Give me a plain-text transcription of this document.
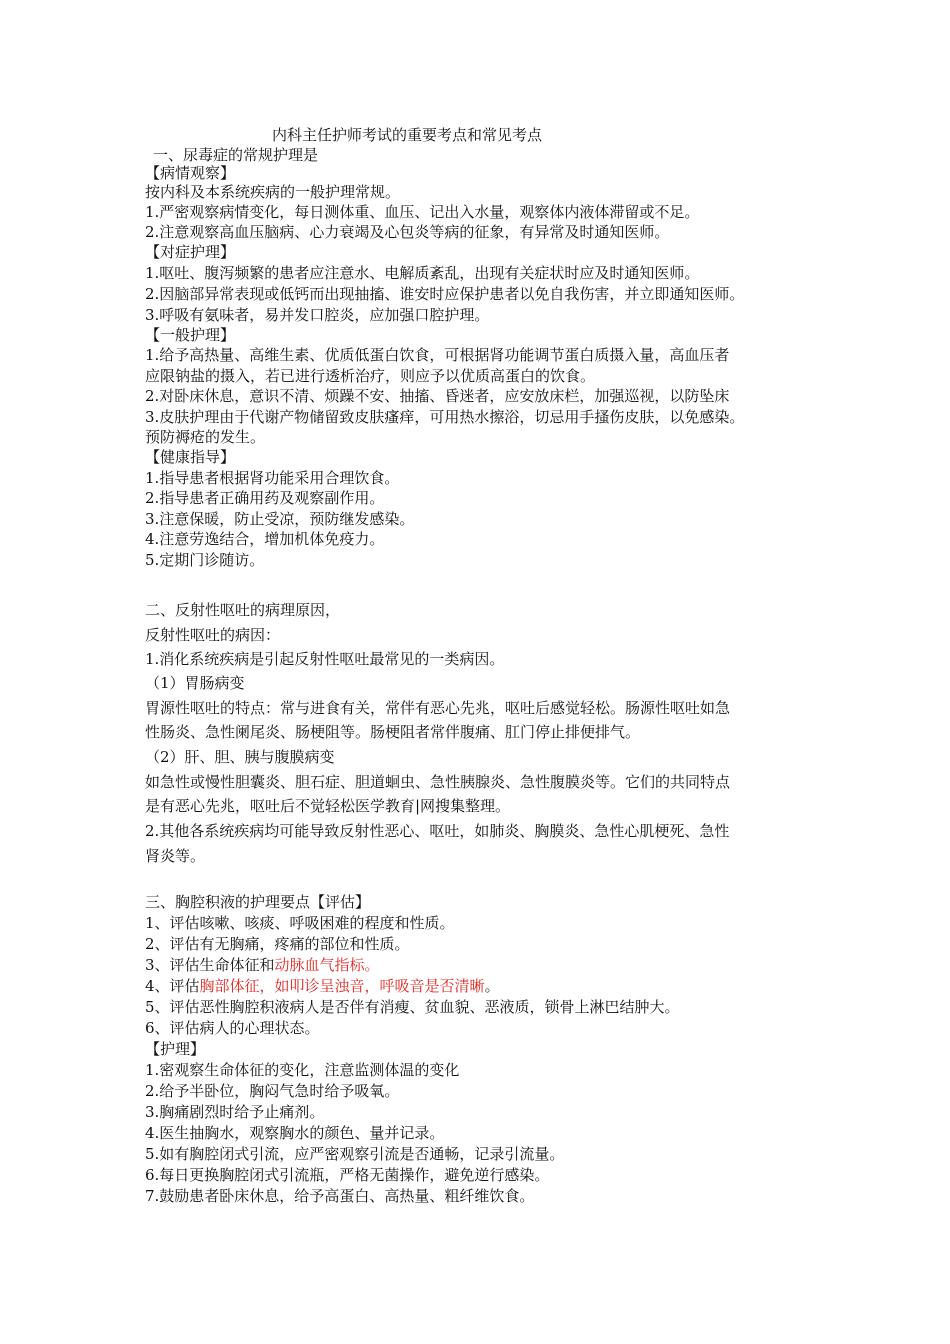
内科主任护师考试的重要考点和常见考点

一、尿毒症的常规护理是

【病情观察】

按内科及本系统疾病的一般护理常规。

1.严密观察病情变化，每日测体重、血压、记出入水量，观察体内液体滞留或不足。

2.注意观察高血压脑病、心力衰竭及心包炎等病的征象，有异常及时通知医师。

【对症护理】

1.呕吐、腹泻频繁的患者应注意水、电解质紊乱，出现有关症状时应及时通知医师。

2.因脑部异常表现或低钙而出现抽搐、谁安时应保护患者以免自我伤害，并立即通知医师。

3.呼吸有氨味者，易并发口腔炎，应加强口腔护理。

【一般护理】

1.给予高热量、高维生素、优质低蛋白饮食，可根据肾功能调节蛋白质摄入量，高血压者

应限钠盐的摄入，若已进行透析治疗，则应予以优质高蛋白的饮食。

2.对卧床休息，意识不清、烦躁不安、抽搐、昏迷者，应安放床栏，加强巡视，以防坠床

3.皮肤护理由于代谢产物储留致皮肤瘙痒，可用热水擦浴，切忌用手搔伤皮肤，以免感染。

预防褥疮的发生。

【健康指导】

1.指导患者根据肾功能采用合理饮食。

2.指导患者正确用药及观察副作用。

3.注意保暖，防止受凉，预防继发感染。

4.注意劳逸结合，增加机体免疫力。

5.定期门诊随访。

二、反射性呕吐的病理原因，

反射性呕吐的病因：

1.消化系统疾病是引起反射性呕吐最常见的一类病因。

（1）胃肠病变

胃源性呕吐的特点：常与进食有关，常伴有恶心先兆，呕吐后感觉轻松。肠源性呕吐如急

性肠炎、急性阑尾炎、肠梗阻等。肠梗阻者常伴腹痛、肛门停止排便排气。

（2）肝、胆、胰与腹膜病变

如急性或慢性胆囊炎、胆石症、胆道蛔虫、急性胰腺炎、急性腹膜炎等。它们的共同特点

是有恶心先兆，呕吐后不觉轻松医学教育|网搜集整理。

2.其他各系统疾病均可能导致反射性恶心、呕吐，如肺炎、胸膜炎、急性心肌梗死、急性

肾炎等。

三、胸腔积液的护理要点【评估】

1、评估咳嗽、咳痰、呼吸困难的程度和性质。

2、评估有无胸痛，疼痛的部位和性质。

3、评估生命体征和动脉血气指标。

4、评估胸部体征，如叩诊呈浊音，呼吸音是否清晰。

5、评估恶性胸腔积液病人是否伴有消瘦、贫血貌、恶液质，锁骨上淋巴结肿大。

6、评估病人的心理状态。

【护理】

1.密观察生命体征的变化，注意监测体温的变化

2.给予半卧位，胸闷气急时给予吸氧。

3.胸痛剧烈时给予止痛剂。

4.医生抽胸水，观察胸水的颜色、量并记录。

5.如有胸腔闭式引流，应严密观察引流是否通畅，记录引流量。

6.每日更换胸腔闭式引流瓶，严格无菌操作，避免逆行感染。

7.鼓励患者卧床休息，给予高蛋白、高热量、粗纤维饮食。
